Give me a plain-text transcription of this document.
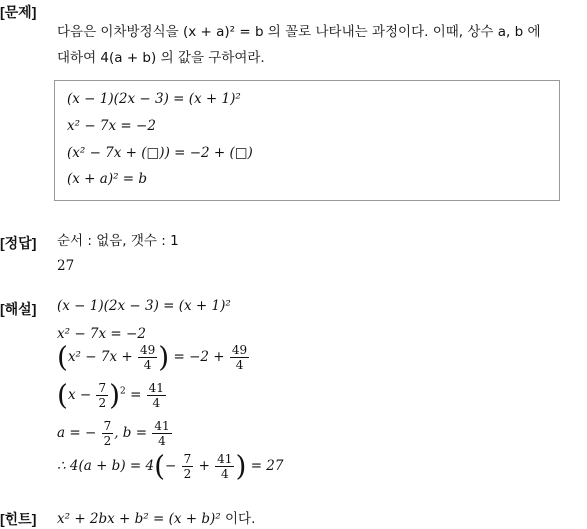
[문제]
다음은 이차방정식을 (x + a)² = b 의 꼴로 나타내는 과정이다. 이때, 상수 a, b 에
대하여 4(a + b) 의 값을 구하여라.
(x − 1)(2x − 3) = (x + 1)²
x² − 7x = −2
(x² − 7x + (□)) = −2 + (□)
(x + a)² = b
[정답] 순서 : 없음, 갯수 : 1
27
[해설] (x − 1)(2x − 3) = (x + 1)²
x² − 7x = −2
($x^2 - 7x + \frac{49}{4}$ ) = $-2 + \frac{49}{4}$
$(x - \frac{7}{2} )^2 = \frac{41}{4}$
a = − $\frac{7}{2}$ , $b = \frac{41}{4}$
∴ $4(a + b) = 4(- \frac{7}{2} + \frac{41}{4}$ ) = 27
[힌트] x² + 2bx + b² = (x + b)² 이다.
